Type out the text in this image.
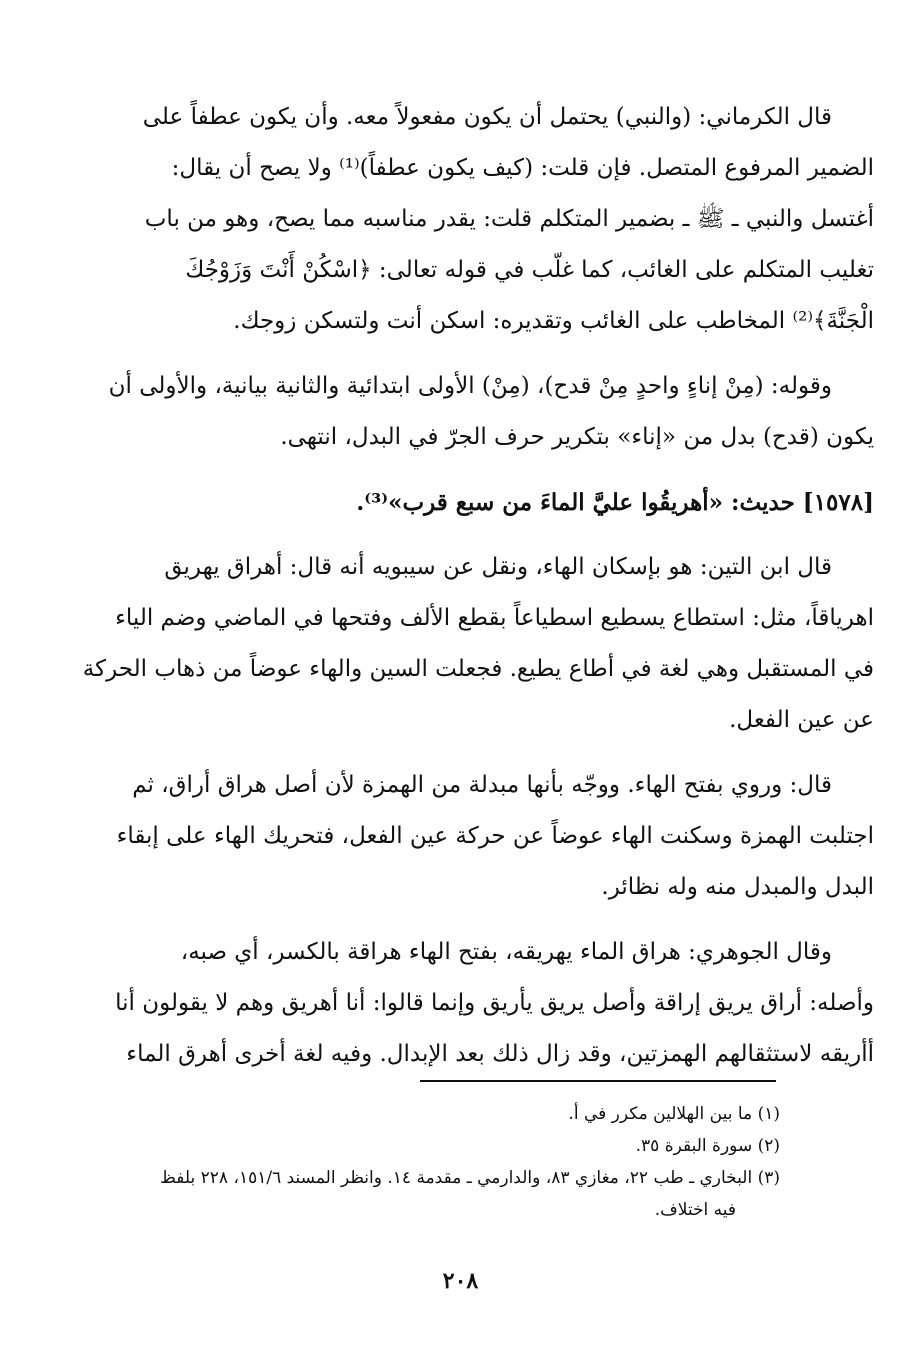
قال الكرماني: (والنبي) يحتمل أن يكون مفعولاً معه. وأن يكون عطفاً على
الضمير المرفوع المتصل. فإن قلت: (كيف يكون عطفاً)⁽¹⁾ ولا يصح أن يقال:
أغتسل والنبي ـ ﷺ ـ بضمير المتكلم قلت: يقدر مناسبه مما يصح، وهو من باب
تغليب المتكلم على الغائب، كما غلّب في قوله تعالى: ﴿اسْكُنْ أَنْتَ وَزَوْجُكَ
الْجَنَّةَ﴾⁽²⁾ المخاطب على الغائب وتقديره: اسكن أنت ولتسكن زوجك.
وقوله: (مِنْ إناءٍ واحدٍ مِنْ قدح)، (مِنْ) الأولى ابتدائية والثانية بيانية، والأولى أن
يكون (قدح) بدل من «إناء» بتكرير حرف الجرّ في البدل، انتهى.
[١٥٧٨] حديث: «أهريقُوا عليَّ الماءَ من سبع قرب»⁽³⁾.
قال ابن التين: هو بإسكان الهاء، ونقل عن سيبويه أنه قال: أهراق يهريق
اهرياقاً، مثل: استطاع يسطيع اسطياعاً بقطع الألف وفتحها في الماضي وضم الياء
في المستقبل وهي لغة في أطاع يطيع. فجعلت السين والهاء عوضاً من ذهاب الحركة
عن عين الفعل.
قال: وروي بفتح الهاء. ووجّه بأنها مبدلة من الهمزة لأن أصل هراق أراق، ثم
اجتلبت الهمزة وسكنت الهاء عوضاً عن حركة عين الفعل، فتحريك الهاء على إبقاء
البدل والمبدل منه وله نظائر.
وقال الجوهري: هراق الماء يهريقه، بفتح الهاء هراقة بالكسر، أي صبه،
وأصله: أراق يريق إراقة وأصل يريق يأريق وإنما قالوا: أنا أهريق وهم لا يقولون أنا
أأريقه لاستثقالهم الهمزتين، وقد زال ذلك بعد الإبدال. وفيه لغة أخرى أهرق الماء
(١) ما بين الهلالين مكرر في أ.
(٢) سورة البقرة ٣٥.
(٣) البخاري ـ طب ٢٢، مغازي ٨٣، والدارمي ـ مقدمة ١٤. وانظر المسند ١٥١/٦، ٢٢٨ بلفظ
فيه اختلاف.
٢٠٨
